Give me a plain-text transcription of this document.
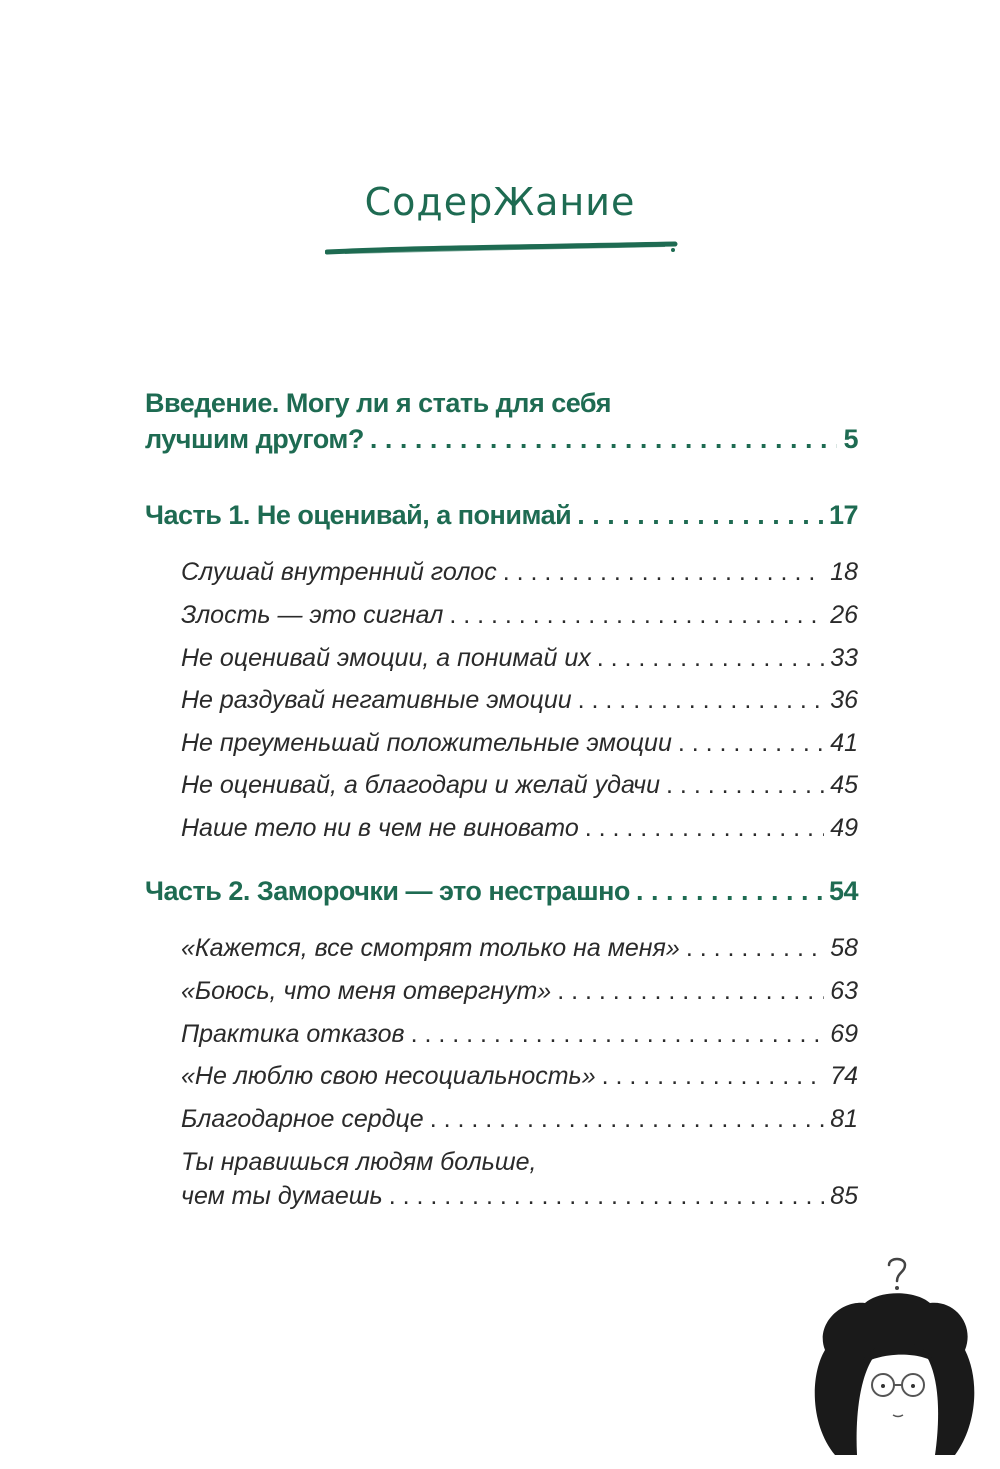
СодерЖание
Введение. Могу ли я стать для себя
лучшим другом? . . .	5
Часть 1. Не оценивай, а понимай . . .	17
Слушай внутренний голос . . .	18
Злость — это сигнал . . .	26
Не оценивай эмоции, а понимай их . . .	33
Не раздувай негативные эмоции . . .	36
Не преуменьшай положительные эмоции . . .	41
Не оценивай, а благодари и желай удачи . . .	45
Наше тело ни в чем не виновато . . .	49
Часть 2. Заморочки — это нестрашно . . .	54
«Кажется, все смотрят только на меня» . . .	58
«Боюсь, что меня отвергнут» . . .	63
Практика отказов . . .	69
«Не люблю свою несоциальность» . . .	74
Благодарное сердце . . .	81
Ты нравишься людям больше,
чем ты думаешь . . .	85
